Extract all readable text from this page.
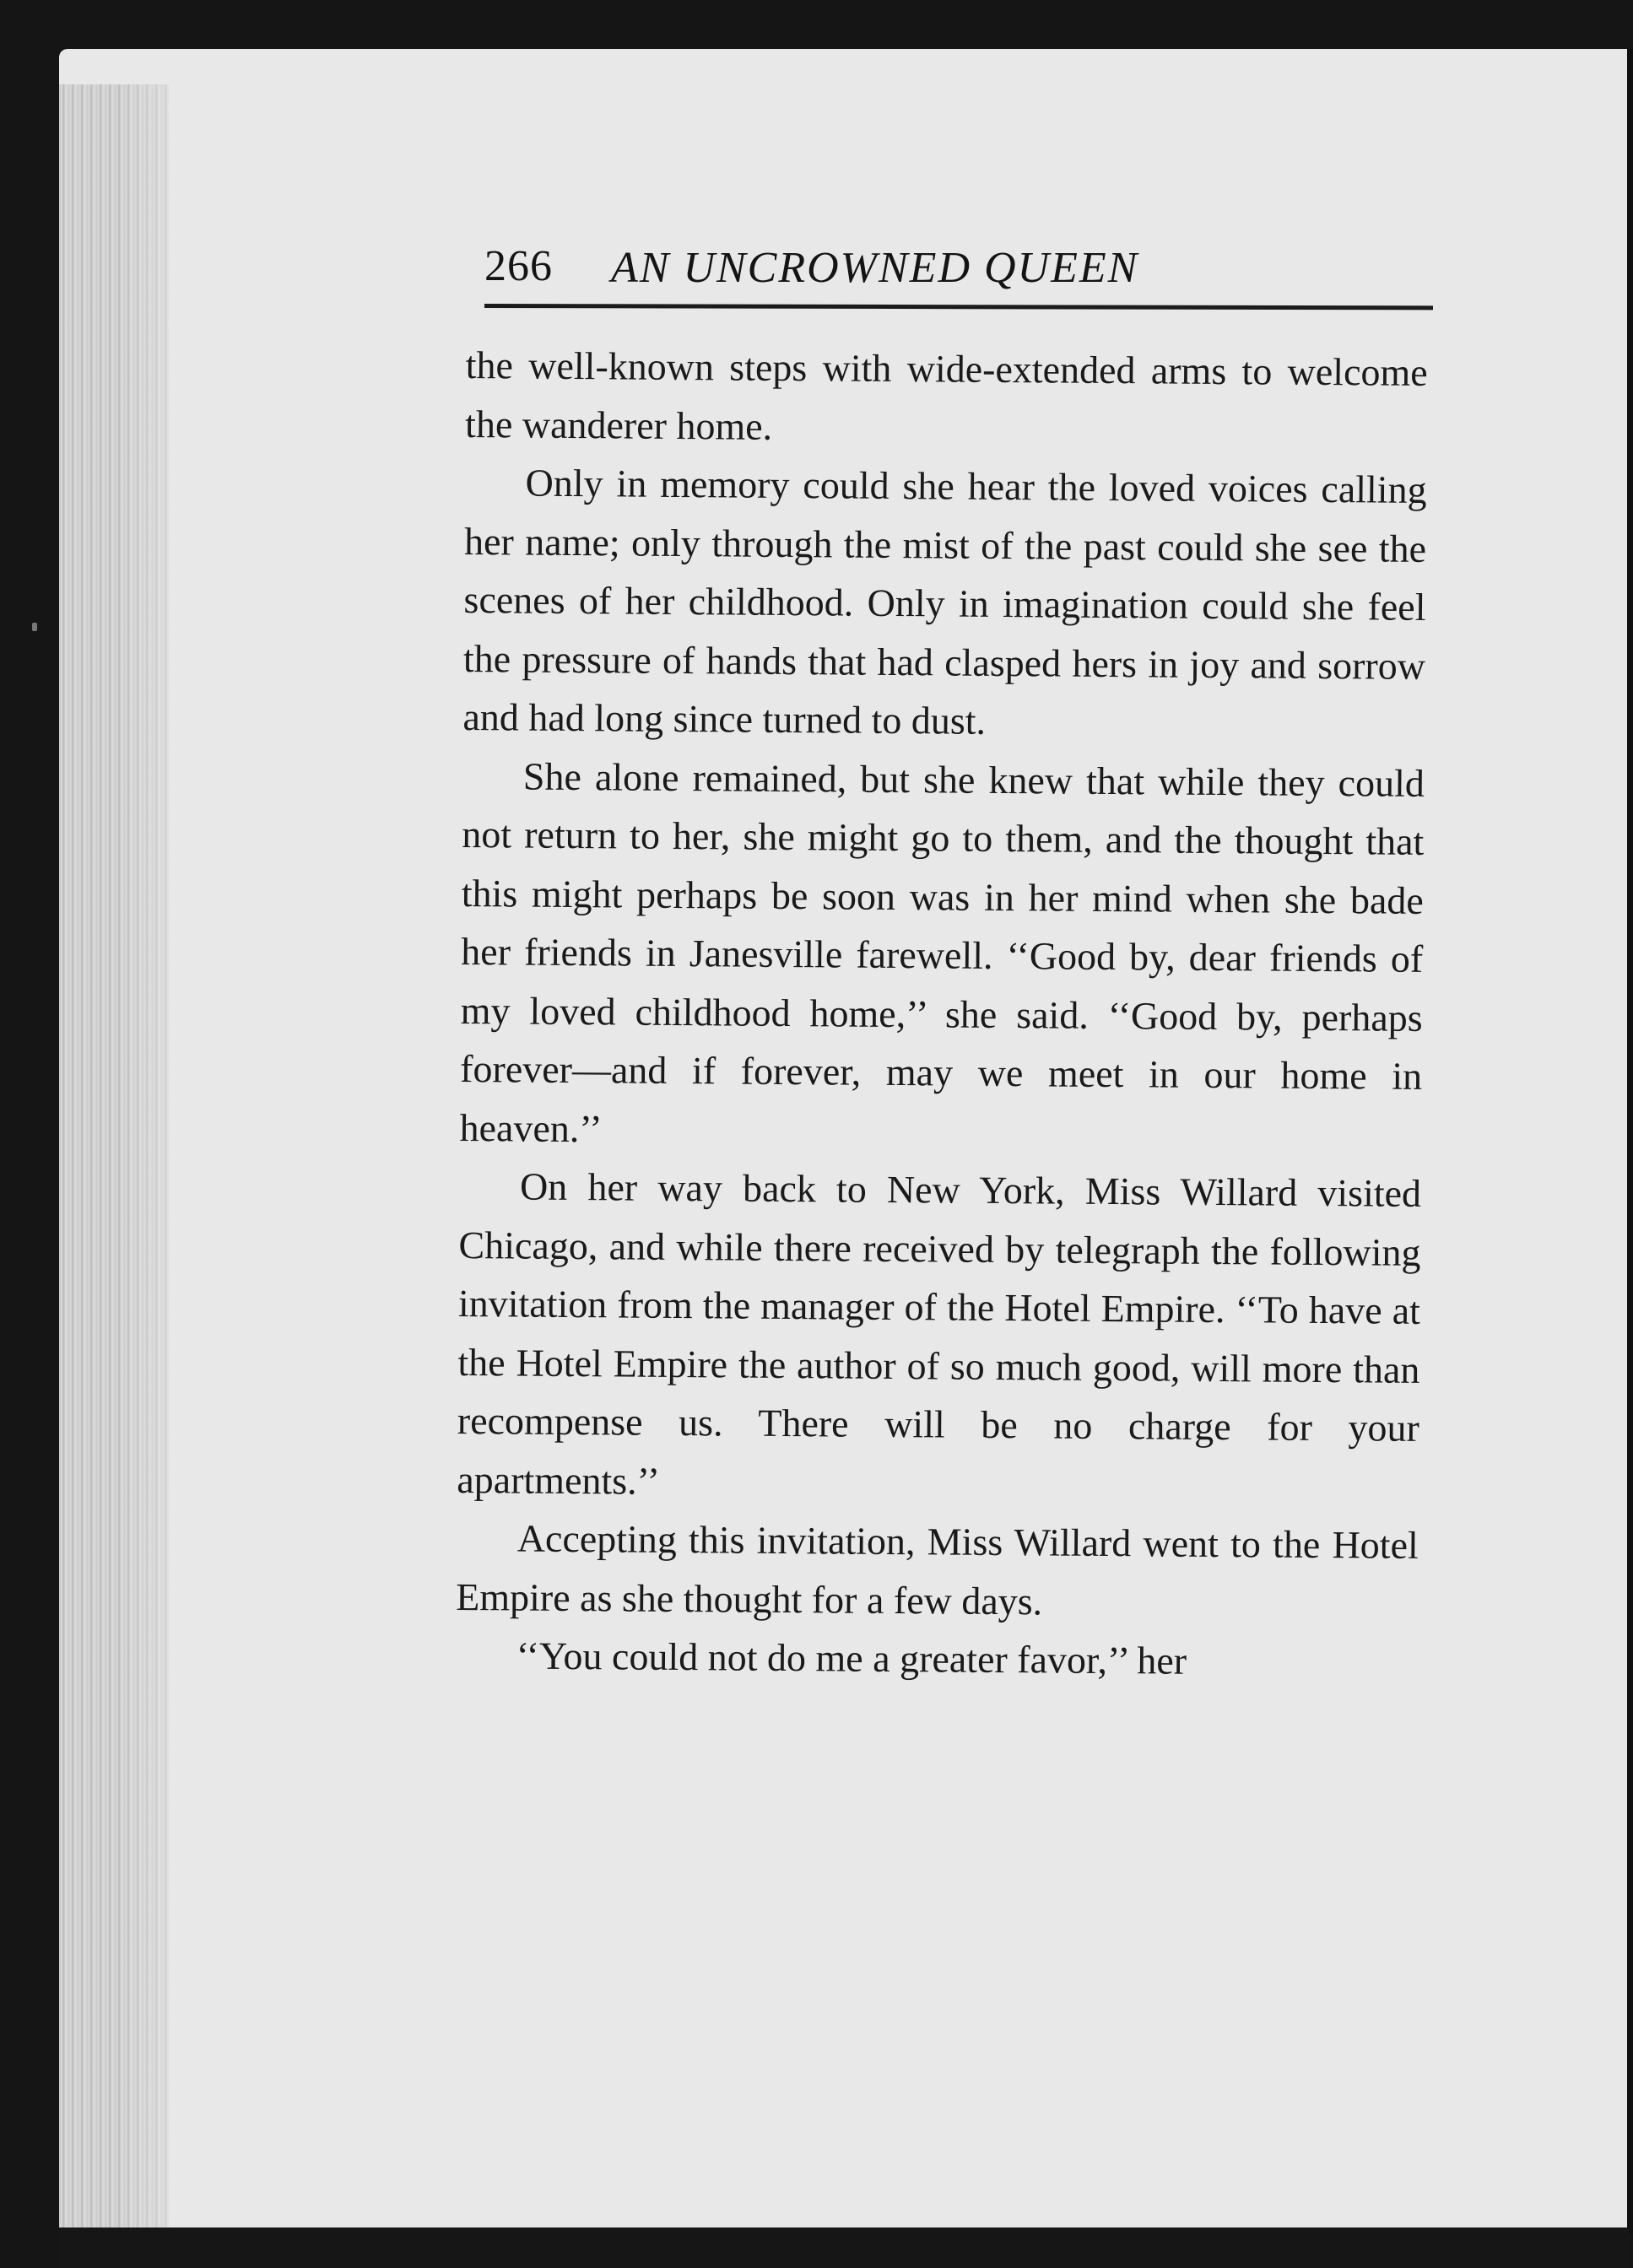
266 AN UNCROWNED QUEEN

the well-known steps with wide-extended arms to welcome the wanderer home.

Only in memory could she hear the loved voices calling her name; only through the mist of the past could she see the scenes of her childhood. Only in imagination could she feel the pressure of hands that had clasped hers in joy and sorrow and had long since turned to dust.

She alone remained, but she knew that while they could not return to her, she might go to them, and the thought that this might perhaps be soon was in her mind when she bade her friends in Janesville farewell. ‘‘Good by, dear friends of my loved childhood home,’’ she said. ‘‘Good by, perhaps forever—and if forever, may we meet in our home in heaven.’’

On her way back to New York, Miss Willard visited Chicago, and while there received by telegraph the following invitation from the manager of the Hotel Empire. ‘‘To have at the Hotel Empire the author of so much good, will more than recompense us. There will be no charge for your apartments.’’

Accepting this invitation, Miss Willard went to the Hotel Empire as she thought for a few days.

‘‘You could not do me a greater favor,’’ her
